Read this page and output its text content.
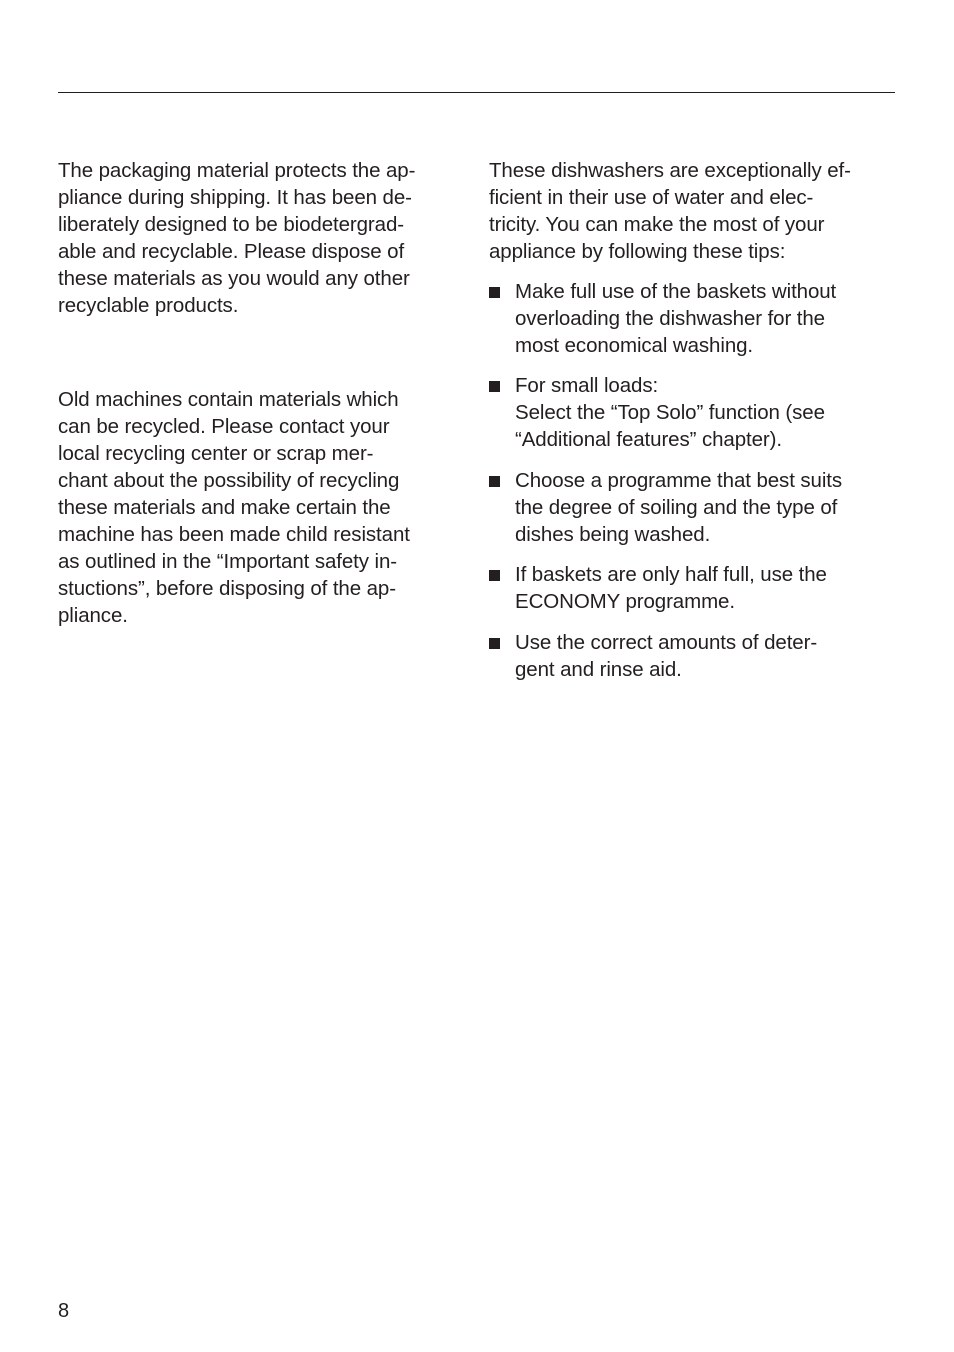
The packaging material protects the ap-
pliance during shipping. It has been de-
liberately designed to be biodetergrad-
able and recyclable. Please dispose of
these materials as you would any other
recyclable products.

Old machines contain materials which
can be recycled. Please contact your
local recycling center or scrap mer-
chant about the possibility of recycling
these materials and make certain the
machine has been made child resistant
as outlined in the “Important safety in-
stuctions”, before disposing of the ap-
pliance.

These dishwashers are exceptionally ef-
ficient in their use of water and elec-
tricity. You can make the most of your
appliance by following these tips:

Make full use of the baskets without
overloading the dishwasher for the
most economical washing.
For small loads:
Select the “Top Solo” function (see
“Additional features” chapter).
Choose a programme that best suits
the degree of soiling and the type of
dishes being washed.
If baskets are only half full, use the
ECONOMY programme.
Use the correct amounts of deter-
gent and rinse aid.
8
